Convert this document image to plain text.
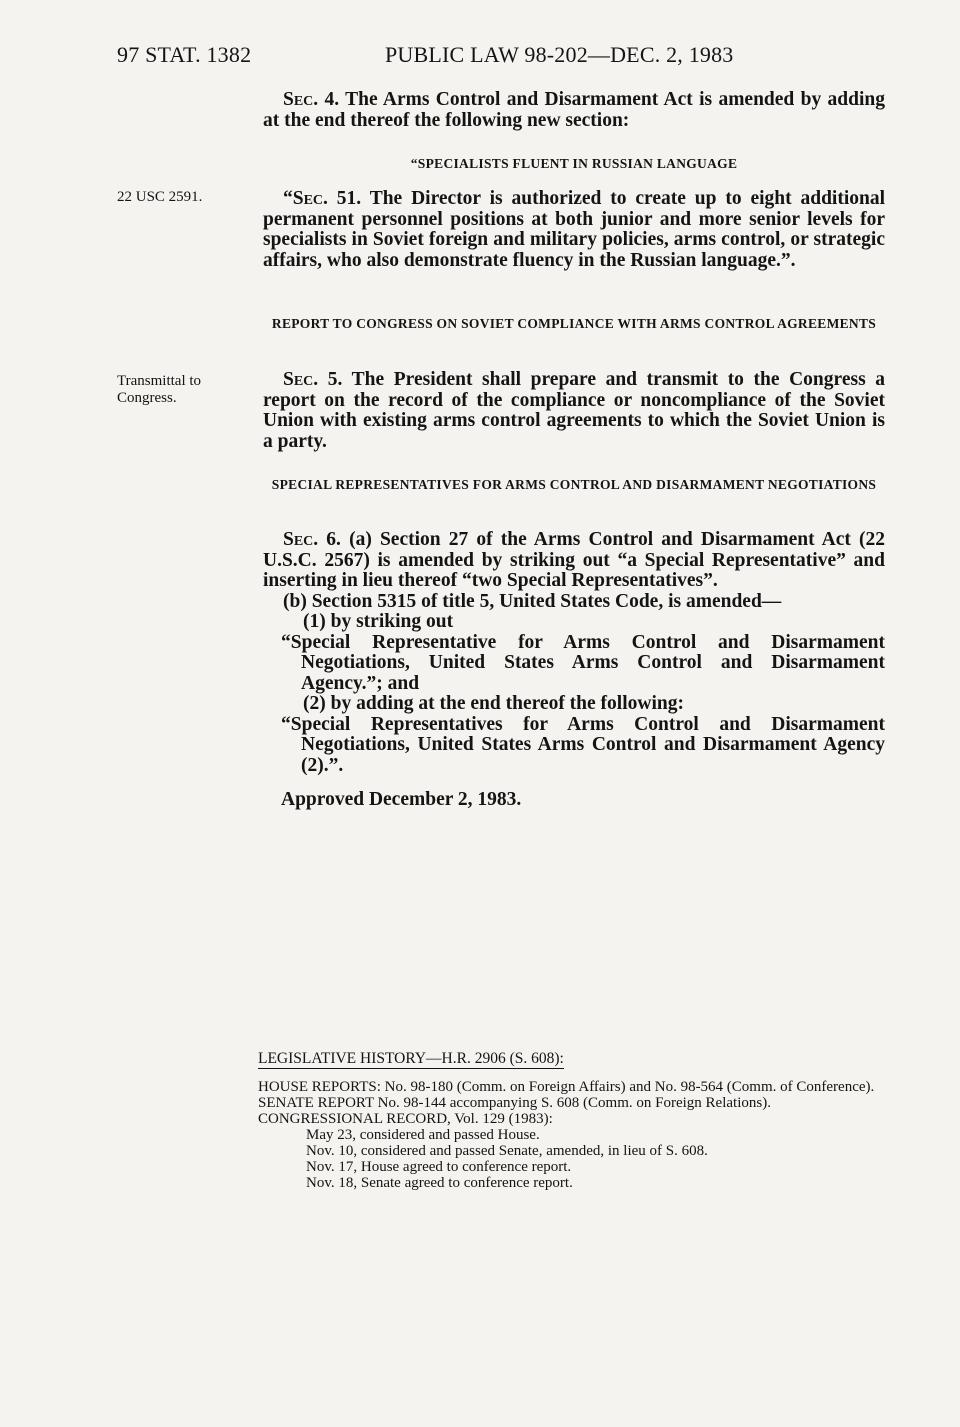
97 STAT. 1382	PUBLIC LAW 98-202—DEC. 2, 1983
Sec. 4. The Arms Control and Disarmament Act is amended by adding at the end thereof the following new section:
“SPECIALISTS FLUENT IN RUSSIAN LANGUAGE
22 USC 2591.	“Sec. 51. The Director is authorized to create up to eight additional permanent personnel positions at both junior and more senior levels for specialists in Soviet foreign and military policies, arms control, or strategic affairs, who also demonstrate fluency in the Russian language.”.
REPORT TO CONGRESS ON SOVIET COMPLIANCE WITH ARMS CONTROL AGREEMENTS
Transmittal to Congress.
Sec. 5. The President shall prepare and transmit to the Congress a report on the record of the compliance or noncompliance of the Soviet Union with existing arms control agreements to which the Soviet Union is a party.
SPECIAL REPRESENTATIVES FOR ARMS CONTROL AND DISARMAMENT NEGOTIATIONS
Sec. 6. (a) Section 27 of the Arms Control and Disarmament Act (22 U.S.C. 2567) is amended by striking out “a Special Representative” and inserting in lieu thereof “two Special Representatives”.
(b) Section 5315 of title 5, United States Code, is amended—
(1) by striking out
“Special Representative for Arms Control and Disarmament Negotiations, United States Arms Control and Disarmament Agency.”; and
(2) by adding at the end thereof the following:
“Special Representatives for Arms Control and Disarmament Negotiations, United States Arms Control and Disarmament Agency (2).”.
Approved December 2, 1983.
LEGISLATIVE HISTORY—H.R. 2906 (S. 608):
HOUSE REPORTS: No. 98-180 (Comm. on Foreign Affairs) and No. 98-564 (Comm. of Conference).
SENATE REPORT No. 98-144 accompanying S. 608 (Comm. on Foreign Relations).
CONGRESSIONAL RECORD, Vol. 129 (1983):
May 23, considered and passed House.
Nov. 10, considered and passed Senate, amended, in lieu of S. 608.
Nov. 17, House agreed to conference report.
Nov. 18, Senate agreed to conference report.
